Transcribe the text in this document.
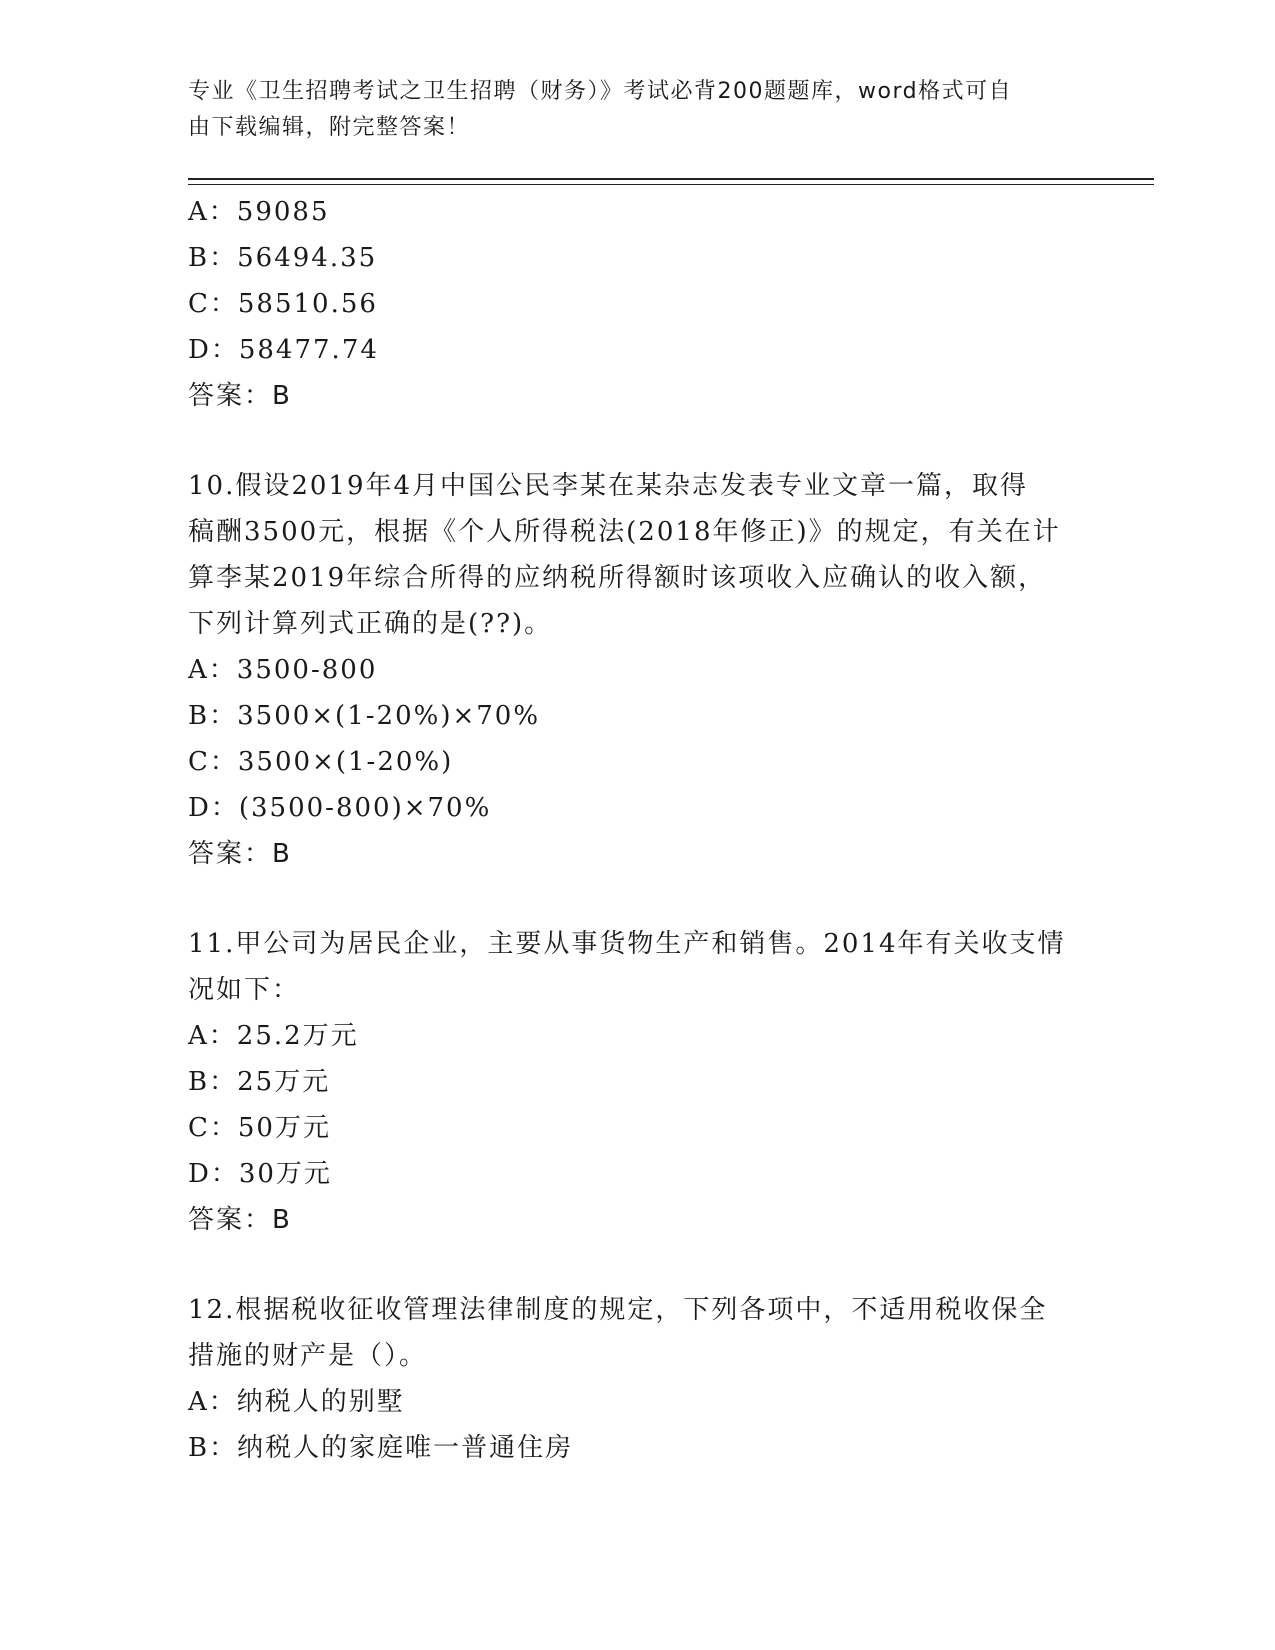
专业《卫生招聘考试之卫生招聘（财务）》考试必背200题题库，word格式可自
由下载编辑，附完整答案！
A：59085
B：56494.35
C：58510.56
D：58477.74
答案：B
10.假设2019年4月中国公民李某在某杂志发表专业文章一篇，取得
稿酬3500元，根据《个人所得税法(2018年修正)》的规定，有关在计
算李某2019年综合所得的应纳税所得额时该项收入应确认的收入额，
下列计算列式正确的是(??)。
A：3500-800
B：3500×(1-20%)×70%
C：3500×(1-20%)
D：(3500-800)×70%
答案：B
11.甲公司为居民企业，主要从事货物生产和销售。2014年有关收支情
况如下：
A：25.2万元
B：25万元
C：50万元
D：30万元
答案：B
12.根据税收征收管理法律制度的规定，下列各项中，不适用税收保全
措施的财产是（）。
A：纳税人的别墅
B：纳税人的家庭唯一普通住房
